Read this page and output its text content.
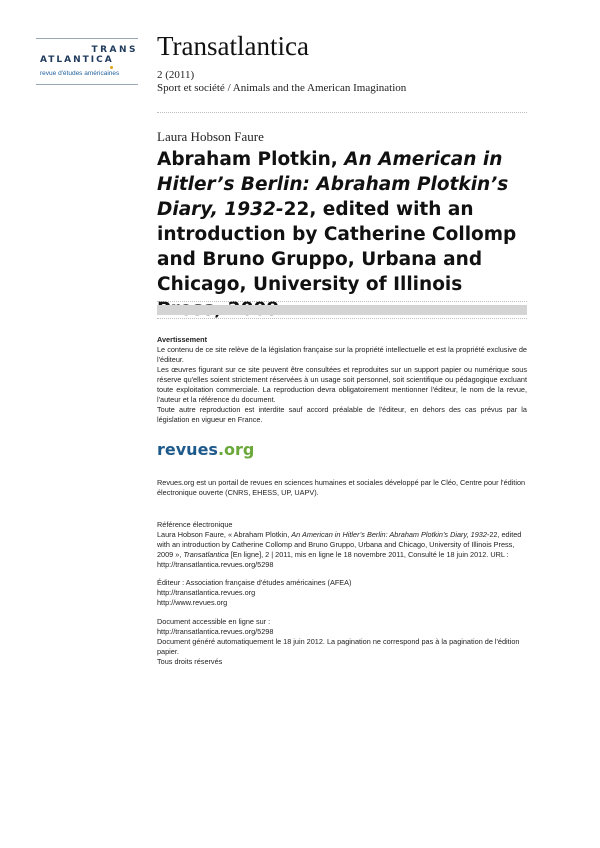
TRANS
ATLANTICA
revue d'études américaines
Transatlantica
2 (2011)
Sport et société / Animals and the American Imagination
Laura Hobson Faure
Abraham Plotkin, An American in Hitler’s Berlin: Abraham Plotkin’s Diary, 1932-22, edited with an introduction by Catherine Collomp and Bruno Gruppo, Urbana and Chicago, University of Illinois

Avertissement

Le contenu de ce site relève de la législation française sur la propriété intellectuelle et est la propriété exclusive de l'éditeur.

Les œuvres figurant sur ce site peuvent être consultées et reproduites sur un support papier ou numérique sous réserve qu'elles soient strictement réservées à un usage soit personnel, soit scientifique ou pédagogique excluant toute exploitation commerciale. La reproduction devra obligatoirement mentionner l'éditeur, le nom de la revue, l'auteur et la référence du document.

Toute autre reproduction est interdite sauf accord préalable de l'éditeur, en dehors des cas prévus par la législation en vigueur en France.

revues.org
Revues.org est un portail de revues en sciences humaines et sociales développé par le Cléo, Centre pour l'édition électronique ouverte (CNRS, EHESS, UP, UAPV).

Référence électronique

Laura Hobson Faure, « Abraham Plotkin, An American in Hitler’s Berlin: Abraham Plotkin’s Diary, 1932-22, edited with an introduction by Catherine Collomp and Bruno Gruppo, Urbana and Chicago, University of Illinois Press, 2009 », Transatlantica [En ligne], 2 | 2011, mis en ligne le 18 novembre 2011, Consulté le 18 juin 2012. URL : http://transatlantica.revues.org/5298

Éditeur : Association française d'études américaines (AFEA)

http://transatlantica.revues.org

http://www.revues.org

Document accessible en ligne sur :

http://transatlantica.revues.org/5298

Document généré automatiquement le 18 juin 2012. La pagination ne correspond pas à la pagination de l'édition papier.

Tous droits réservés
